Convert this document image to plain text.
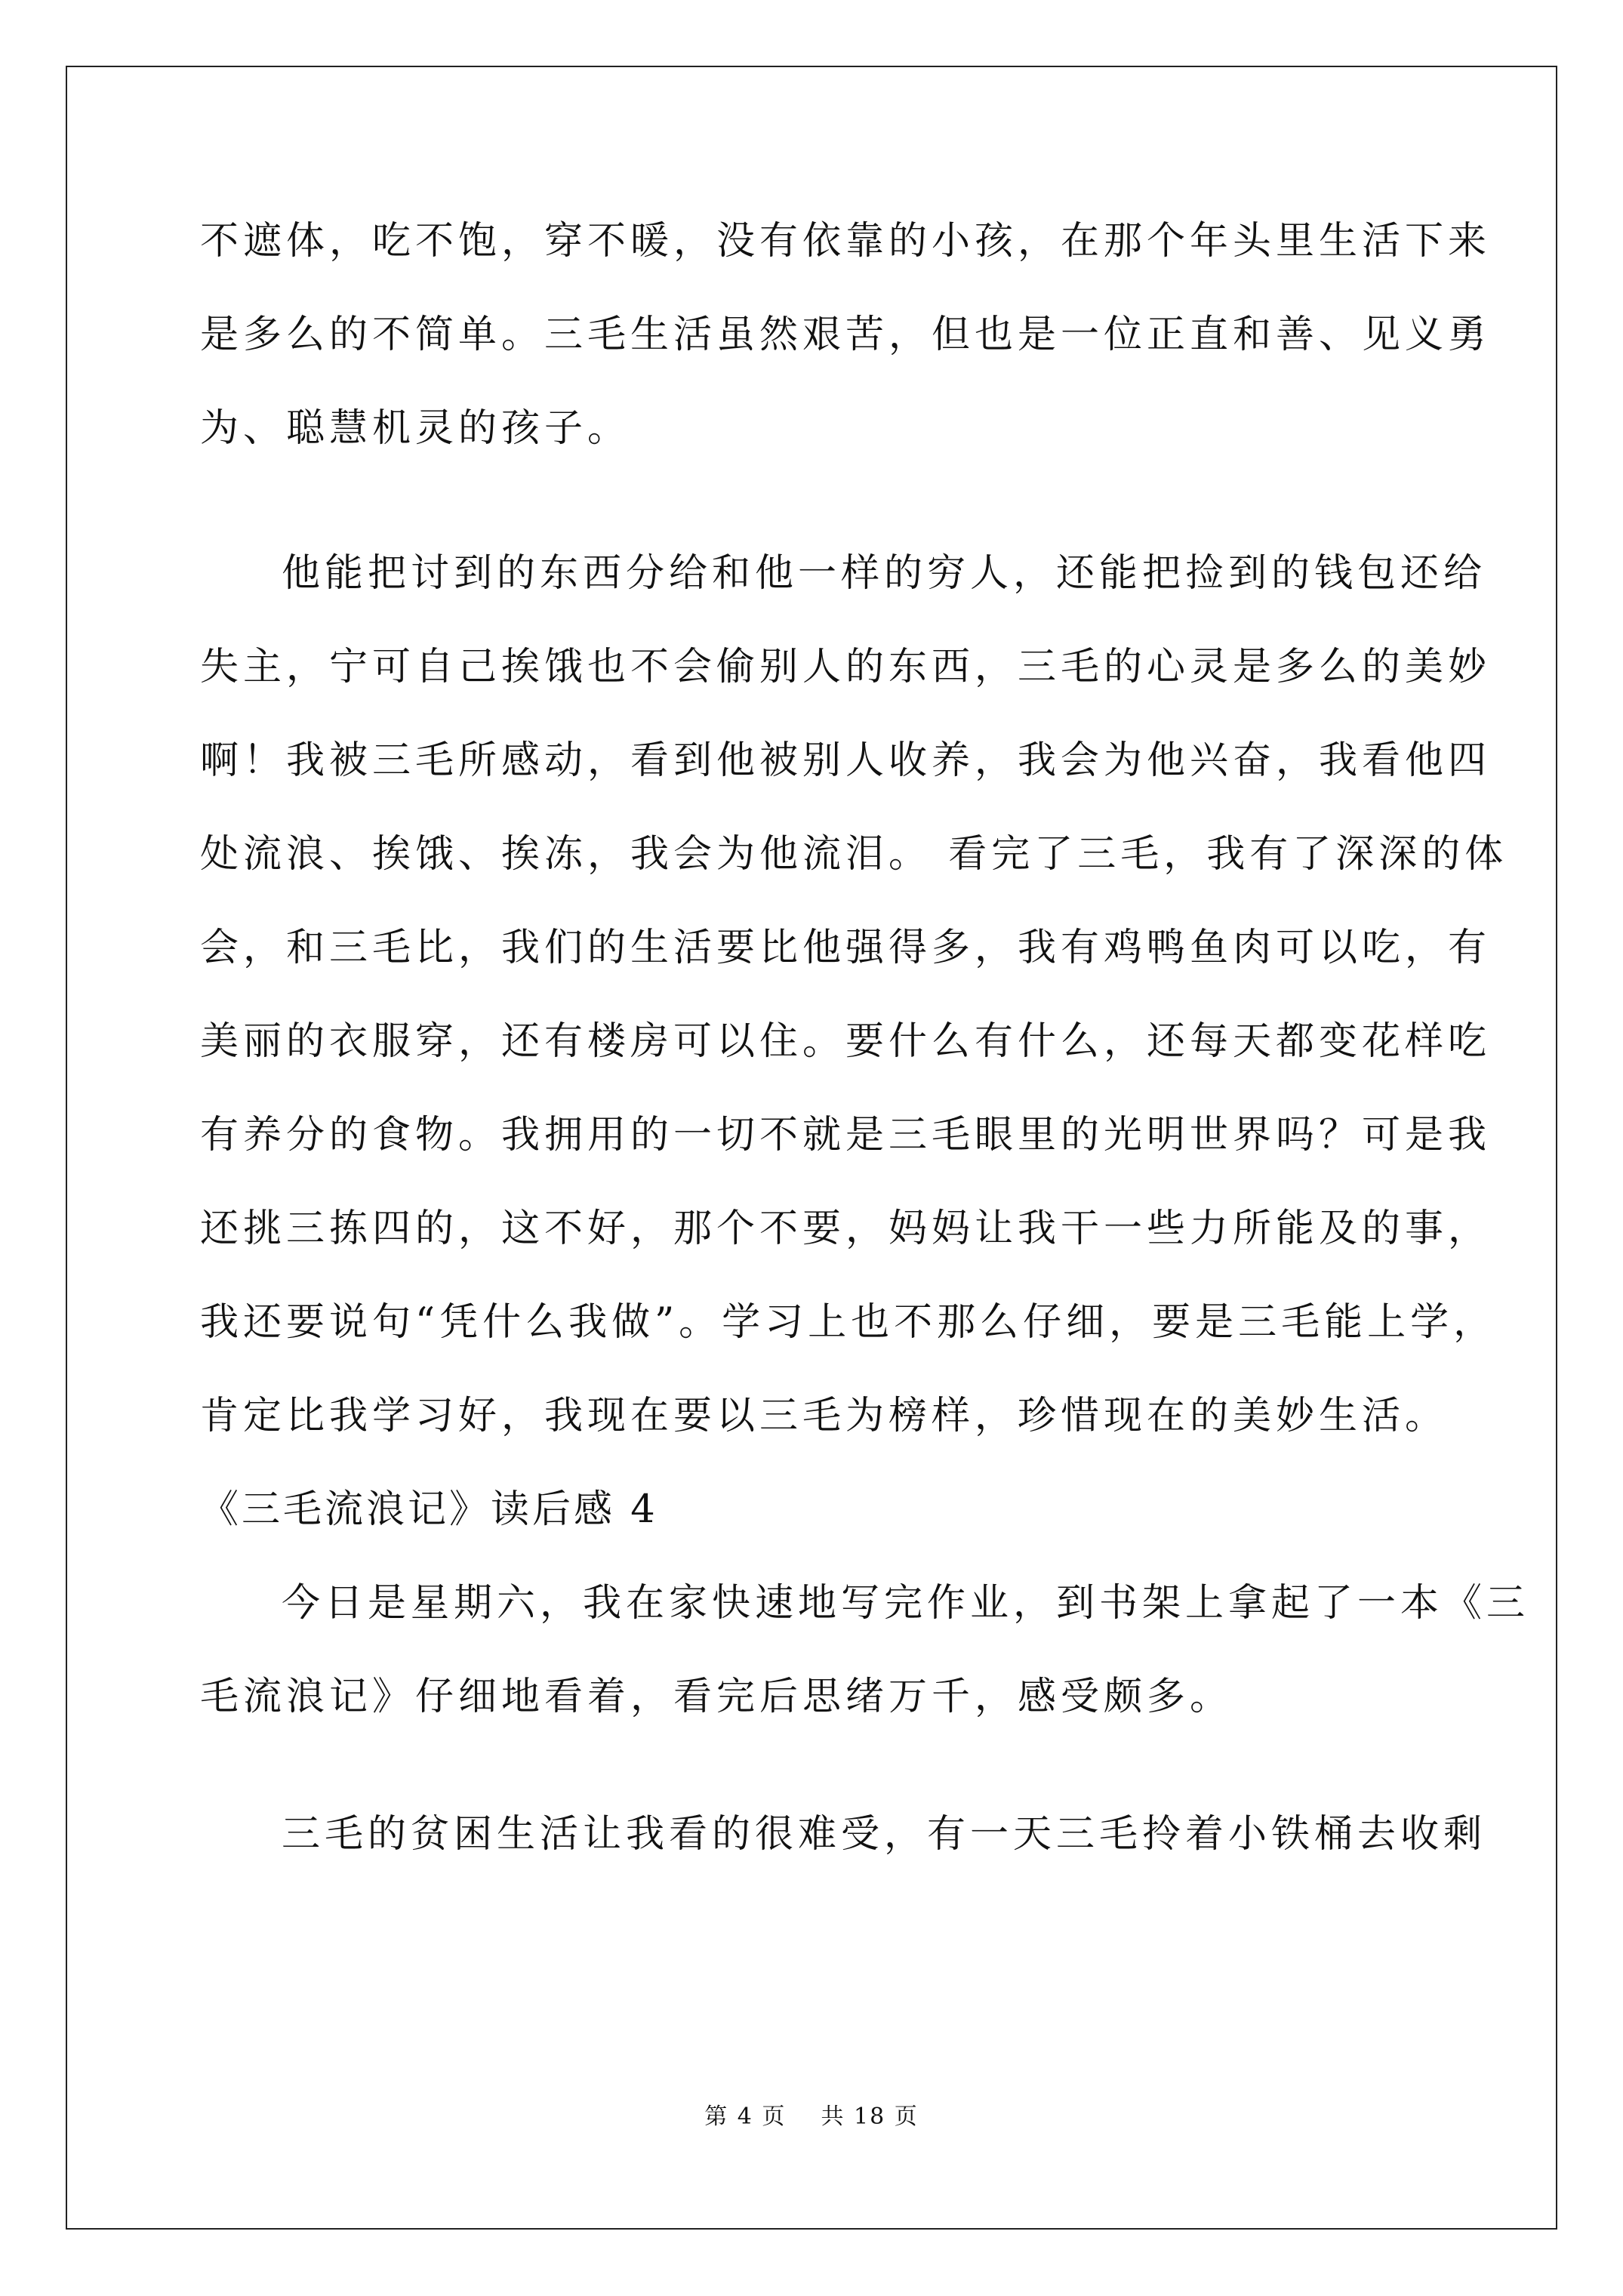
不遮体，吃不饱，穿不暖，没有依靠的小孩，在那个年头里生活下来
是多么的不简单。三毛生活虽然艰苦，但也是一位正直和善、见义勇
为、聪慧机灵的孩子。
他能把讨到的东西分给和他一样的穷人，还能把捡到的钱包还给
失主，宁可自己挨饿也不会偷别人的东西，三毛的心灵是多么的美妙
啊！我被三毛所感动，看到他被别人收养，我会为他兴奋，我看他四
处流浪、挨饿、挨冻，我会为他流泪。 看完了三毛，我有了深深的体
会，和三毛比，我们的生活要比他强得多，我有鸡鸭鱼肉可以吃，有
美丽的衣服穿，还有楼房可以住。要什么有什么，还每天都变花样吃
有养分的食物。我拥用的一切不就是三毛眼里的光明世界吗？可是我
还挑三拣四的，这不好，那个不要，妈妈让我干一些力所能及的事，
我还要说句“凭什么我做”。学习上也不那么仔细，要是三毛能上学，
肯定比我学习好，我现在要以三毛为榜样，珍惜现在的美妙生活。
《三毛流浪记》读后感 4
今日是星期六，我在家快速地写完作业，到书架上拿起了一本《三
毛流浪记》仔细地看着，看完后思绪万千，感受颇多。
三毛的贫困生活让我看的很难受，有一天三毛拎着小铁桶去收剩
第 4 页    共 18 页
